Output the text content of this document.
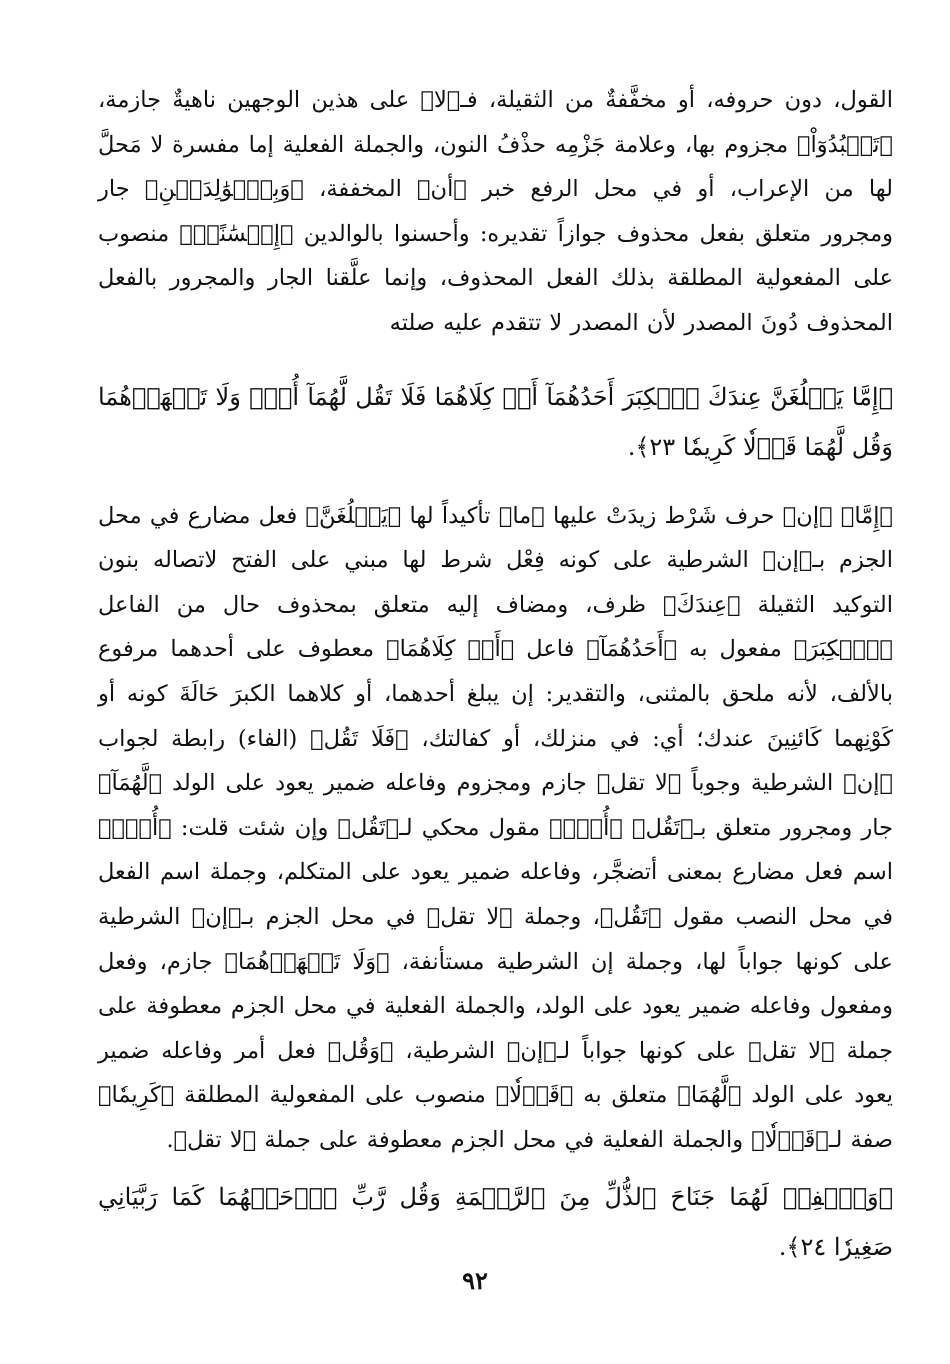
القول، دون حروفه، أو مخفَّفةٌ من الثقيلة، فـ﴿لا﴾ على هذين الوجهين ناهيةٌ جازمة، ﴿تَعۡبُدُوٓاْ﴾ مجزوم بها، وعلامة جَزْمِه حذْفُ النون، والجملة الفعلية إما مفسرة لا مَحلَّ لها من الإعراب، أو في محل الرفع خبر ﴿أن﴾ المخففة، ﴿وَبِٱلۡوَٰلِدَيۡنِ﴾ جار ومجرور متعلق بفعل محذوف جوازاً تقديره: وأحسنوا بالوالدين ﴿إِحۡسَٰنًاۚ﴾ منصوب على المفعولية المطلقة بذلك الفعل المحذوف، وإنما علَّقنا الجار والمجرور بالفعل المحذوف دُونَ المصدر لأن المصدر لا تتقدم عليه صلته

﴿إِمَّا يَبۡلُغَنَّ عِندَكَ ٱلۡكِبَرَ أَحَدُهُمَآ أَوۡ كِلَاهُمَا فَلَا تَقُل لَّهُمَآ أُفّٖ وَلَا تَنۡهَرۡهُمَا وَقُل لَّهُمَا قَوۡلٗا كَرِيمٗا ٢٣﴾.

﴿إِمَّا﴾ ﴿إن﴾ حرف شَرْط زيدَتْ عليها ﴿ما﴾ تأكيداً لها ﴿يَبۡلُغَنَّ﴾ فعل مضارع في محل الجزم بـ﴿إن﴾ الشرطية على كونه فِعْل شرط لها مبني على الفتح لاتصاله بنون التوكيد الثقيلة ﴿عِندَكَ﴾ ظرف، ومضاف إليه متعلق بمحذوف حال من الفاعل ﴿ٱلۡكِبَرَ﴾ مفعول به ﴿أَحَدُهُمَآ﴾ فاعل ﴿أَوۡ كِلَاهُمَا﴾ معطوف على أحدهما مرفوع بالألف، لأنه ملحق بالمثنى، والتقدير: إن يبلغ أحدهما، أو كلاهما الكبرَ حَالَةَ كونه أو كَوْنِهما كَائنِينَ عندك؛ أي: في منزلك، أو كفالتك، ﴿فَلَا تَقُل﴾ (الفاء) رابطة لجواب ﴿إن﴾ الشرطية وجوباً ﴿لا تقل﴾ جازم ومجزوم وفاعله ضمير يعود على الولد ﴿لَّهُمَآ﴾ جار ومجرور متعلق بـ﴿تَقُل﴾ ﴿أُفّٖ﴾ مقول محكي لـ﴿تَقُل﴾ وإن شئت قلت: ﴿أُفّٖ﴾ اسم فعل مضارع بمعنى أتضجَّر، وفاعله ضمير يعود على المتكلم، وجملة اسم الفعل في محل النصب مقول ﴿تَقُل﴾، وجملة ﴿لا تقل﴾ في محل الجزم بـ﴿إن﴾ الشرطية على كونها جواباً لها، وجملة إن الشرطية مستأنفة، ﴿وَلَا تَنۡهَرۡهُمَا﴾ جازم، وفعل ومفعول وفاعله ضمير يعود على الولد، والجملة الفعلية في محل الجزم معطوفة على جملة ﴿لا تقل﴾ على كونها جواباً لـ﴿إن﴾ الشرطية، ﴿وَقُل﴾ فعل أمر وفاعله ضمير يعود على الولد ﴿لَّهُمَا﴾ متعلق به ﴿قَوۡلٗا﴾ منصوب على المفعولية المطلقة ﴿كَرِيمٗا﴾ صفة لـ﴿قَوۡلٗا﴾ والجملة الفعلية في محل الجزم معطوفة على جملة ﴿لا تقل﴾.

﴿وَٱخۡفِضۡ لَهُمَا جَنَاحَ ٱلذُّلِّ مِنَ ٱلرَّحۡمَةِ وَقُل رَّبِّ ٱرۡحَمۡهُمَا كَمَا رَبَّيَانِي صَغِيرٗا ٢٤﴾.

٩٢
